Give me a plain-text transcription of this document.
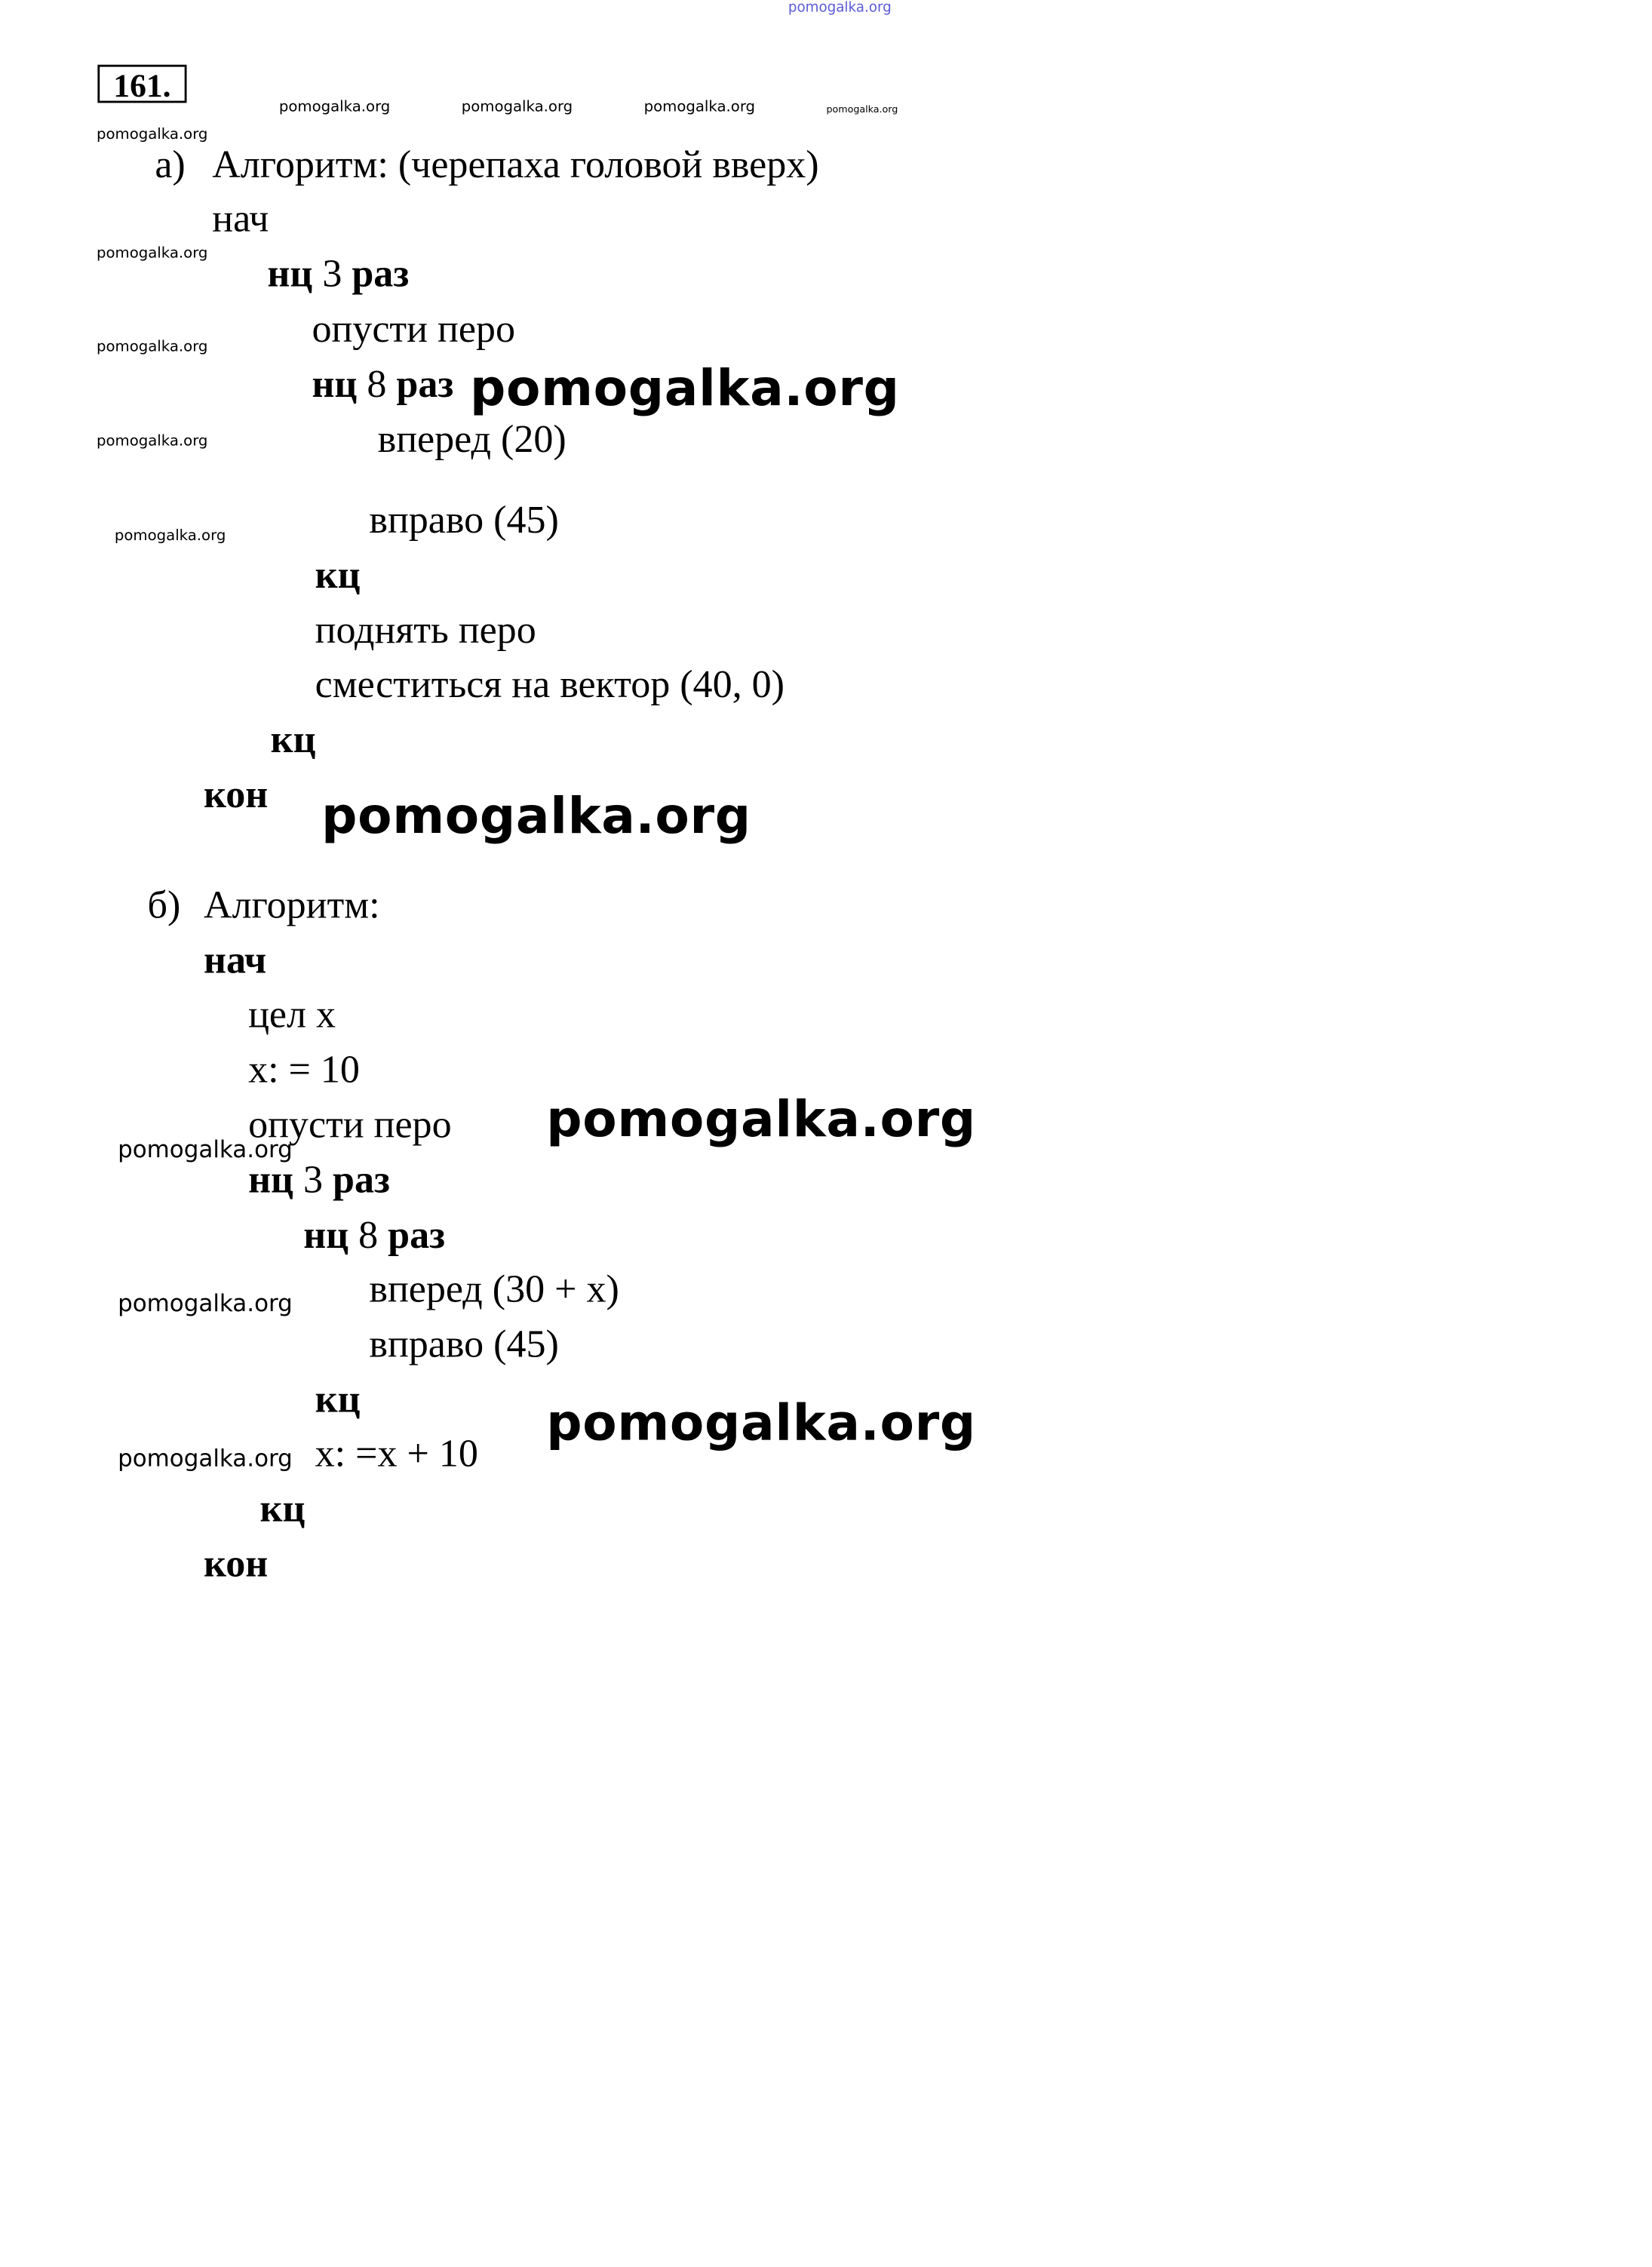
pomogalka.org
pomogalka.org	pomogalka.org	pomogalka.org	pomogalka.org
pomogalka.org
pomogalka.org
pomogalka.org
pomogalka.org
pomogalka.org
pomogalka.org
pomogalka.org
pomogalka.org
pomogalka.org
pomogalka.org
pomogalka.org
pomogalka.org
161.
а) Алгоритм: (черепаха головой вверх)
нач
нц 3 раз
опусти перо
нц 8 раз
вперед (20)
вправо (45)
кц
поднять перо
сместиться на вектор (40, 0)
кц
кон
б) Алгоритм:
нач
цел x
x: = 10
опусти перо
нц 3 раз
нц 8 раз
вперед (30 + x)
вправо (45)
кц
x: =x + 10
кц
кон
